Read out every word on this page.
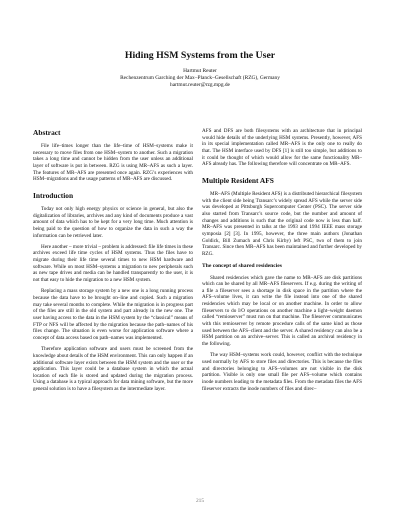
Hiding HSM Systems from the User
Hartmut Reuter
Rechenzentrum Garching der Max–Planck–Gesellschaft (RZG), Germany
hartmut.reuter@rzg.mpg.de
Abstract

File life–times longer than the life–time of HSM–systems make it necessary to move files from one HSM–system to another. Such a migration takes a long time and cannot be hidden from the user unless an additional layer of software is put in between. RZG is using MR–AFS as such a layer. The features of MR–AFS are presented once again. RZG’s experiences with HSM–migrations and the usage patterns of MR–AFS are discussed.

Introduction

Today not only high energy physics or science in general, but also the digitalization of libraries, archives and any kind of documents produce a vast amount of data which has to be kept for a very long time. Much attention is being paid to the question of how to organize the data in such a way the information can be retrieved later.

Here another – more trivial – problem is addressed: file life times in these archives exceed life time cycles of HSM systems. Thus the files have to migrate during their life time several times to new HSM hardware and software. While on most HSM–systems a migration to new peripherals such as new tape drives and media can be handled transparently to the user, it is not that easy to hide the migration to a new HSM system.

Replacing a mass storage system by a new one is a long running process because the data have to be brought on–line and copied. Such a migration may take several months to complete. While the migration is in progress part of the files are still in the old system and part already in the new one. The user having access to the data in the HSM system by the “classical” means of FTP or NFS will be affected by the migration because the path–names of his files change. The situation is even worse for application software where a concept of data access based on path–names was implemented.

Therefore application software and users must be screened from the knowledge about details of the HSM environment. This can only happen if an additional software layer exists between the HSM system and the user or the application. This layer could be a database system in which the actual location of each file is stored and updated during the migration process. Using a database is a typical approach for data mining software, but the more general solution is to have a filesystem as the intermediate layer.

AFS and DFS are both filesystems with an architecture that in principal would hide details of the underlying HSM systems. Presently, however, AFS in its special implementation called MR–AFS is the only one to really do that. The HSM interface used by DFS [1] is still too simple, but additions to it could be thought of which would allow for the same functionality MR–AFS already has. The following therefore will concentrate on MR–AFS.

Multiple Resident AFS

MR–AFS (Multiple Resident AFS) is a distributed hierarchical filesystem with the client side being Transarc’s widely spread AFS while the server side was developed at Pittsburgh Supercomputer Center (PSC). The server side also started from Transarc’s source code, but the number and amount of changes and additions is such that the original code now is less than half. MR–AFS was presented in talks at the 1993 and 1994 IEEE mass storage symposia [2] [3]. In 1995, however, the three main authors (Jonathan Goldick, Bill Zumach and Chris Kirby) left PSC, two of them to join Transarc. Since then MR–AFS has been maintained and further developed by RZG.

The concept of shared residencies

Shared residencies which gave the name to MR–AFS are disk partitions which can be shared by all MR–AFS fileservers. If e.g. during the writing of a file a fileserver sees a shortage in disk space in the partition where the AFS–volume lives, it can write the file instead into one of the shared residencies which may be local or on another machine. In order to allow fileservers to do I/O operations on another machine a light–weight daemon called “remioserver” must run on that machine. The fileserver communicates with this remioserver by remote procedure calls of the same kind as those used between the AFS–client and the server. A shared residency can also be a HSM partition on an archive–server. This is called an archival residency in the following.

The way HSM–systems work could, however, conflict with the technique used normally by AFS to store files and directories. This is because the files and directories belonging to AFS–volumes are not visible in the disk partition. Visible is only one small file per AFS–volume which contains inode numbers leading to the metadata files. From the metadata files the AFS fileserver extracts the inode numbers of files and direc–

215
